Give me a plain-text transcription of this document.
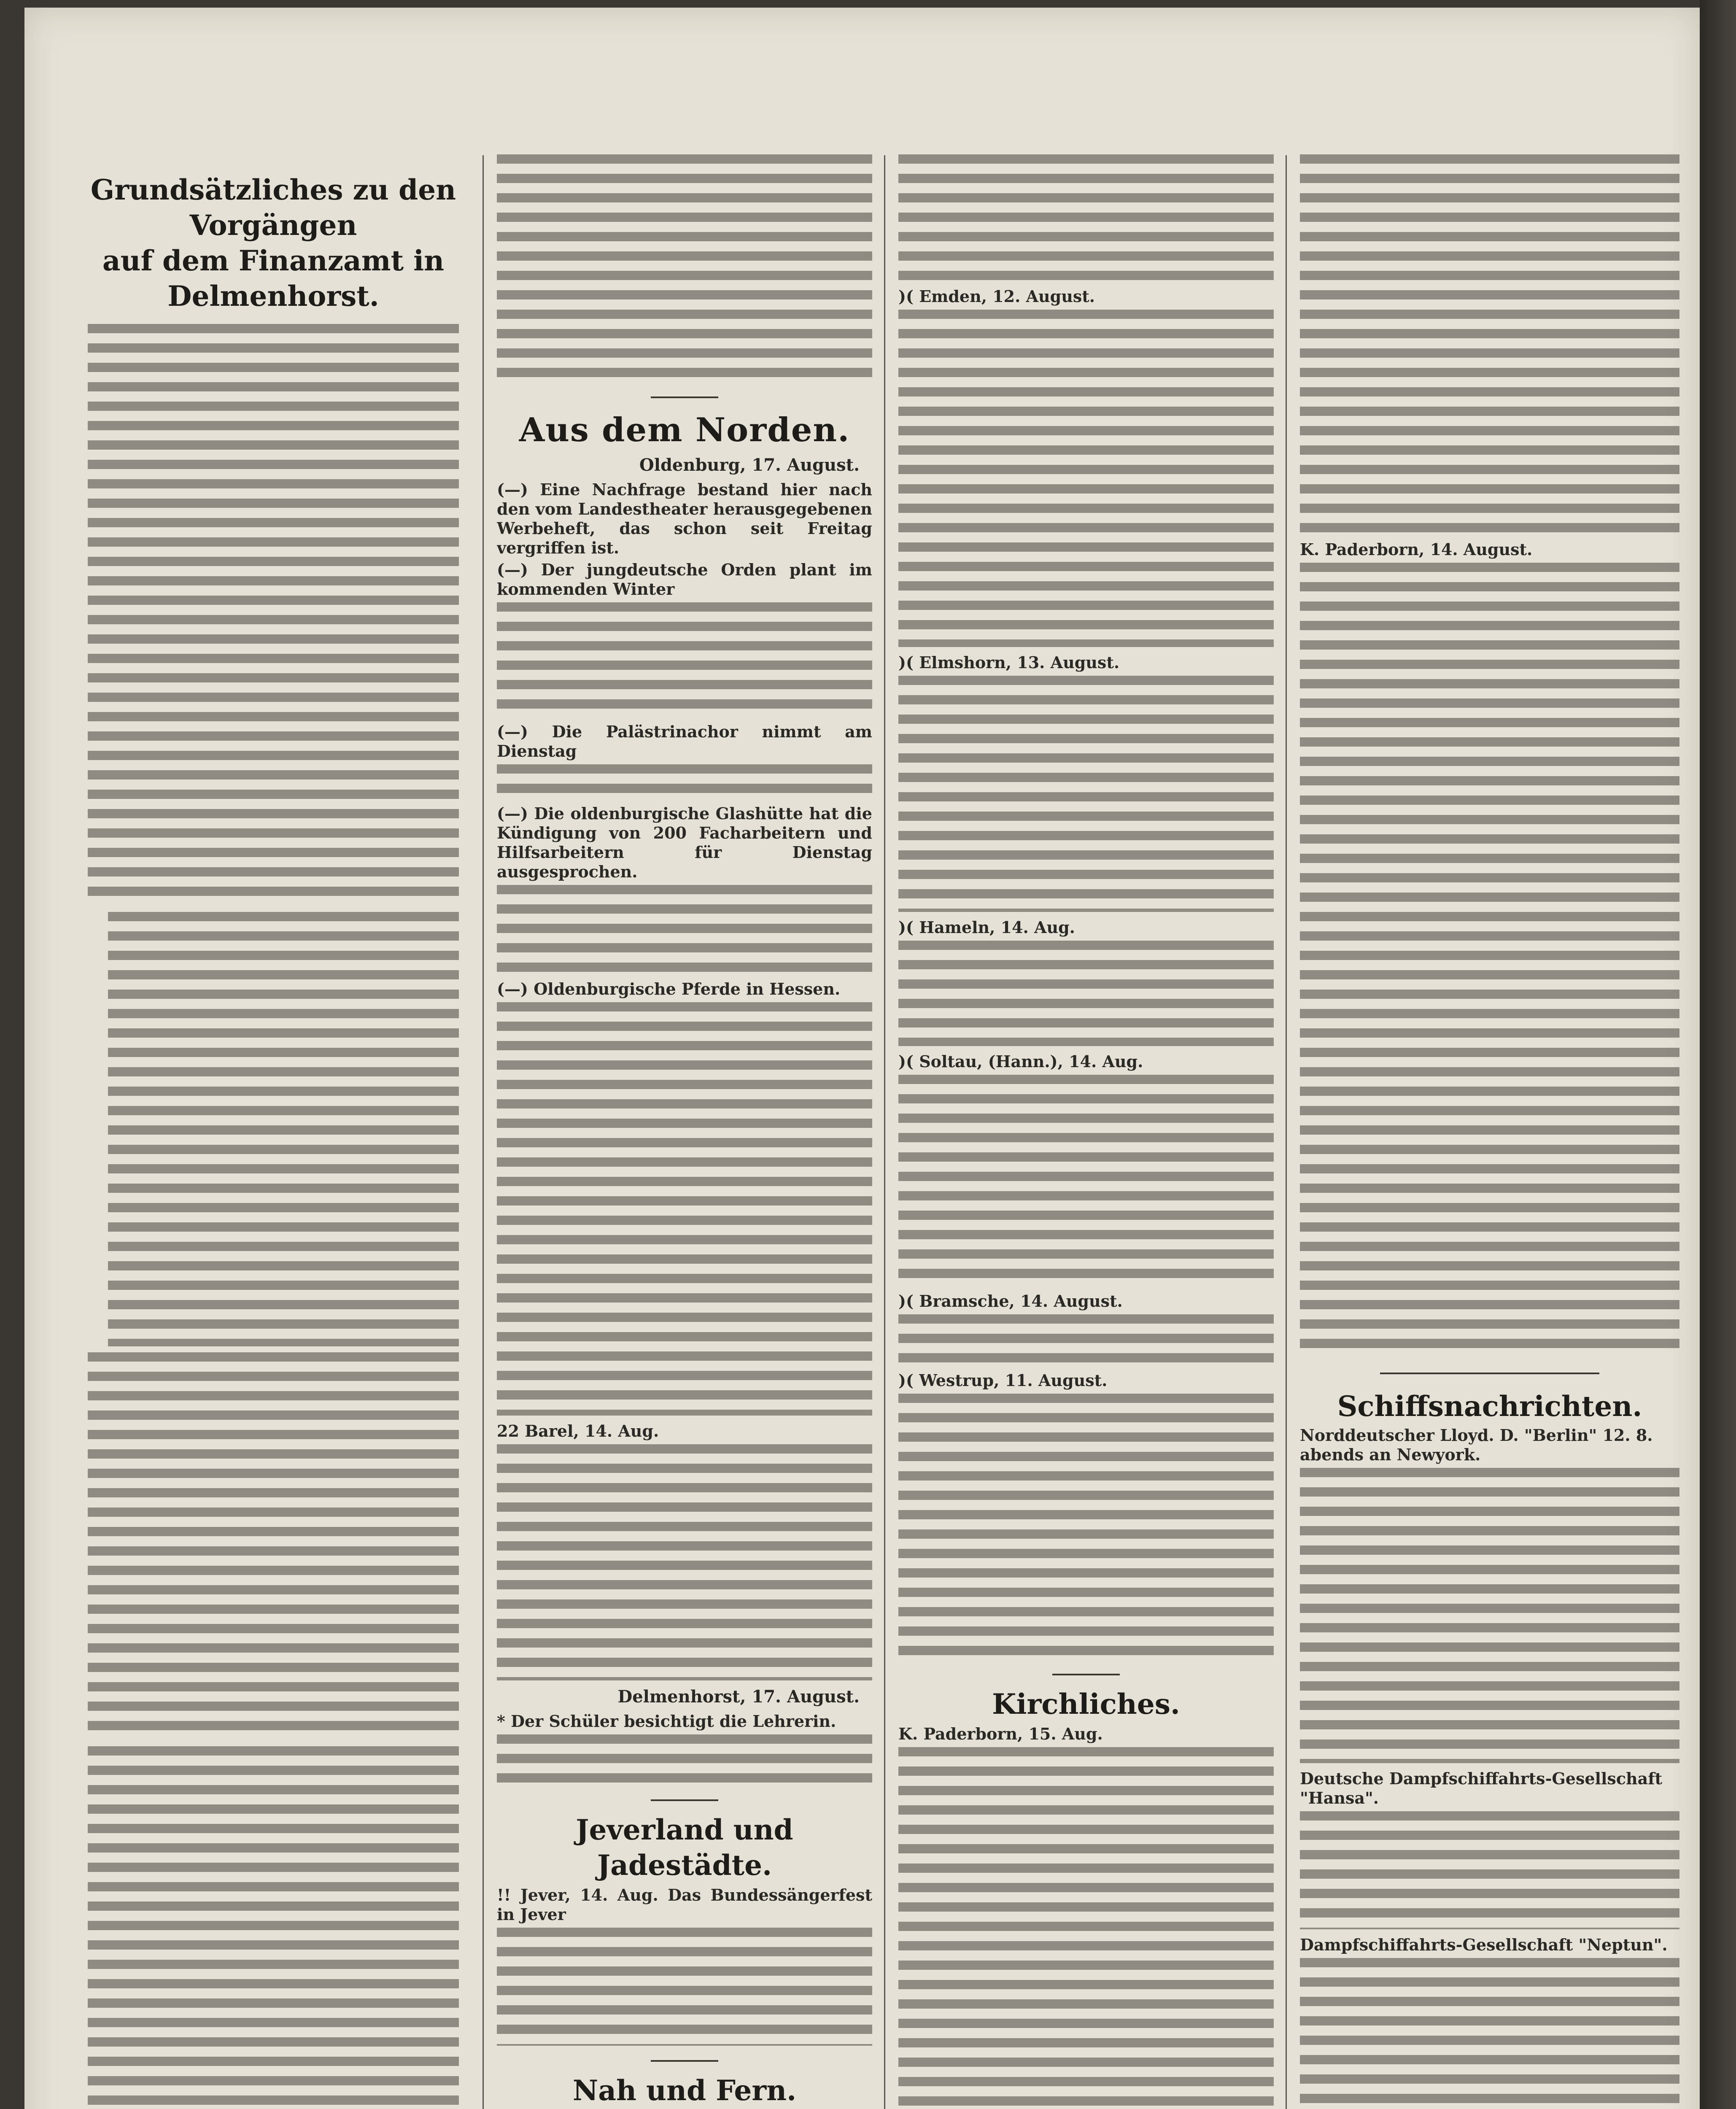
Grundsätzliches zu den Vorgängen
auf dem Finanzamt in Delmenhorst.
Aus dem Norden.
Oldenburg, 17. August.

(—) Eine Nachfrage bestand hier nach den vom Landestheater herausgegebenen Werbeheft, das schon seit Freitag vergriffen ist.

(—) Der jungdeutsche Orden plant im kommenden Winter

(—) Die Palästrinachor nimmt am Dienstag

(—) Die oldenburgische Glashütte hat die Kündigung von 200 Facharbeitern und Hilfsarbeitern für Dienstag ausgesprochen.

(—) Oldenburgische Pferde in Hessen.

22 Barel, 14. Aug.

Delmenhorst, 17. August.

* Der Schüler besichtigt die Lehrerin.

Jeverland und Jadestädte.

!! Jever, 14. Aug. Das Bundessängerfest in Jever

Nah und Fern.

)( Emden, 12. August.

)( Elmshorn, 13. August.

)( Hameln, 14. Aug.

)( Soltau, (Hann.), 14. Aug.

)( Bramsche, 14. August.

)( Westrup, 11. August.

Kirchliches.

K. Paderborn, 15. Aug.

K. Paderborn, 14. August.

Schiffsnachrichten.

Norddeutscher Lloyd. D. "Berlin" 12. 8. abends an Newyork.

Deutsche Dampfschiffahrts-Gesellschaft "Hansa".

Dampfschiffahrts-Gesellschaft "Neptun".
